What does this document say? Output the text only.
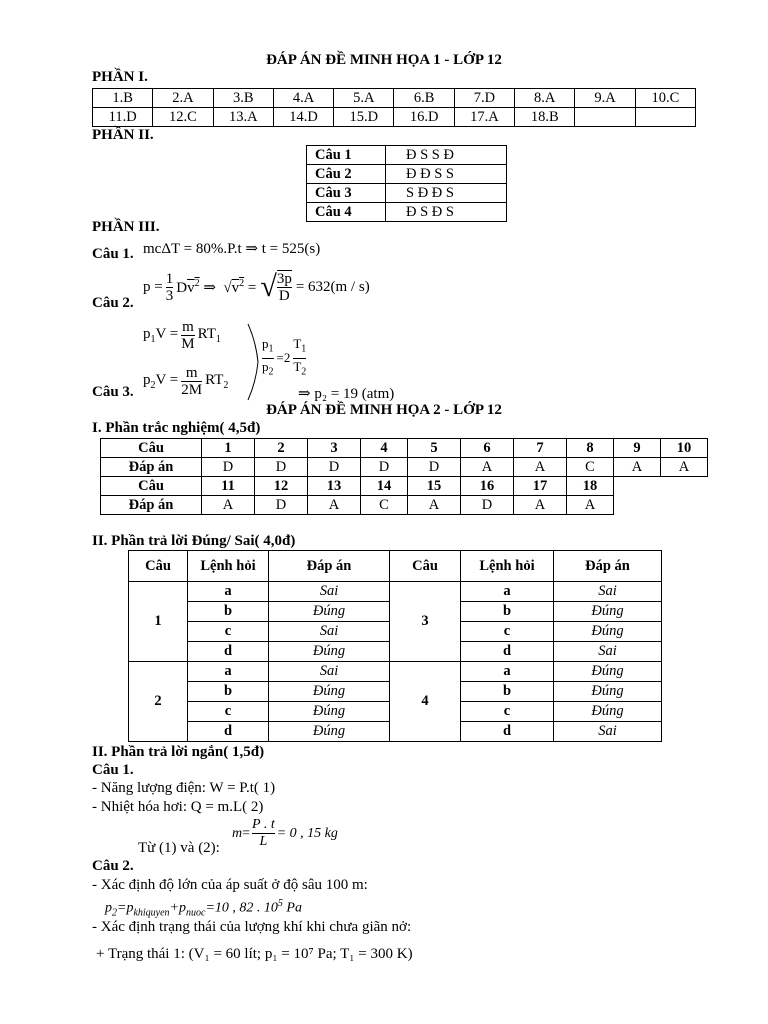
ĐÁP ÁN ĐỀ MINH HỌA 1 - LỚP 12
PHẦN I.
1.B	2.A	3.B	4.A	5.A	6.B	7.D	8.A	9.A	10.C
11.D	12.C	13.A	14.D	15.D	16.D	17.A	18.B		
PHẦN II.
Câu 1	Đ S S Đ
Câu 2	Đ Đ S S
Câu 3	S Đ Đ S
Câu 4	Đ S Đ S
PHẦN III.
Câu 1. mcΔT = 80%.P.t ⇒ t = 525(s)
Câu 2.
$p = \frac{1}{3} Dv^2$ ⇒  $√v^2$ = √ $\frac{3p}{D} = 632(m / s)$
$p_1V = \frac{m}{M} RT_1$
$p_2V = \frac{m}{2M} RT_2$
$\frac{p_1}{p_2} =2 \frac{T_1}{T_2}$
Câu 3.	⇒ p₂ = 19 (atm)
ĐÁP ÁN ĐỀ MINH HỌA 2 - LỚP 12
I. Phần trắc nghiệm( 4,5đ)
Câu	1	2	3	4	5	6	7	8	9	10
Đáp án	D	D	D	D	D	A	A	C	A	A
Câu	11	12	13	14	15	16	17	18		
Đáp án	A	D	A	C	A	D	A	A		
II. Phần trả lời Đúng/ Sai( 4,0đ)
Câu	Lệnh hỏi	Đáp án	Câu	Lệnh hỏi	Đáp án
1	a	Sai	3	a	Sai
	b	Đúng		b	Đúng
	c	Sai		c	Đúng
	d	Đúng		d	Sai
2	a	Sai	4	a	Đúng
	b	Đúng		b	Đúng
	c	Đúng		c	Đúng
	d	Đúng		d	Sai
II. Phần trả lời ngắn( 1,5đ)
Câu 1.
- Năng lượng điện: W = P.t( 1)
- Nhiệt hóa hơi: Q = m.L( 2)
Từ (1) và (2):
$m = \frac{P . t}{L} = 0$ , 15 kg
Câu 2.
- Xác định độ lớn của áp suất ở độ sâu 100 m:
$p_2=p_{khiquyen}+p_{nuoc}=10$ , 82 . $10^5$ Pa
- Xác định trạng thái của lượng khí khi chưa giãn nở:
+ Trạng thái 1: (V₁ = 60 lít; p₁ = 10⁷ Pa; T₁ = 300 K)
